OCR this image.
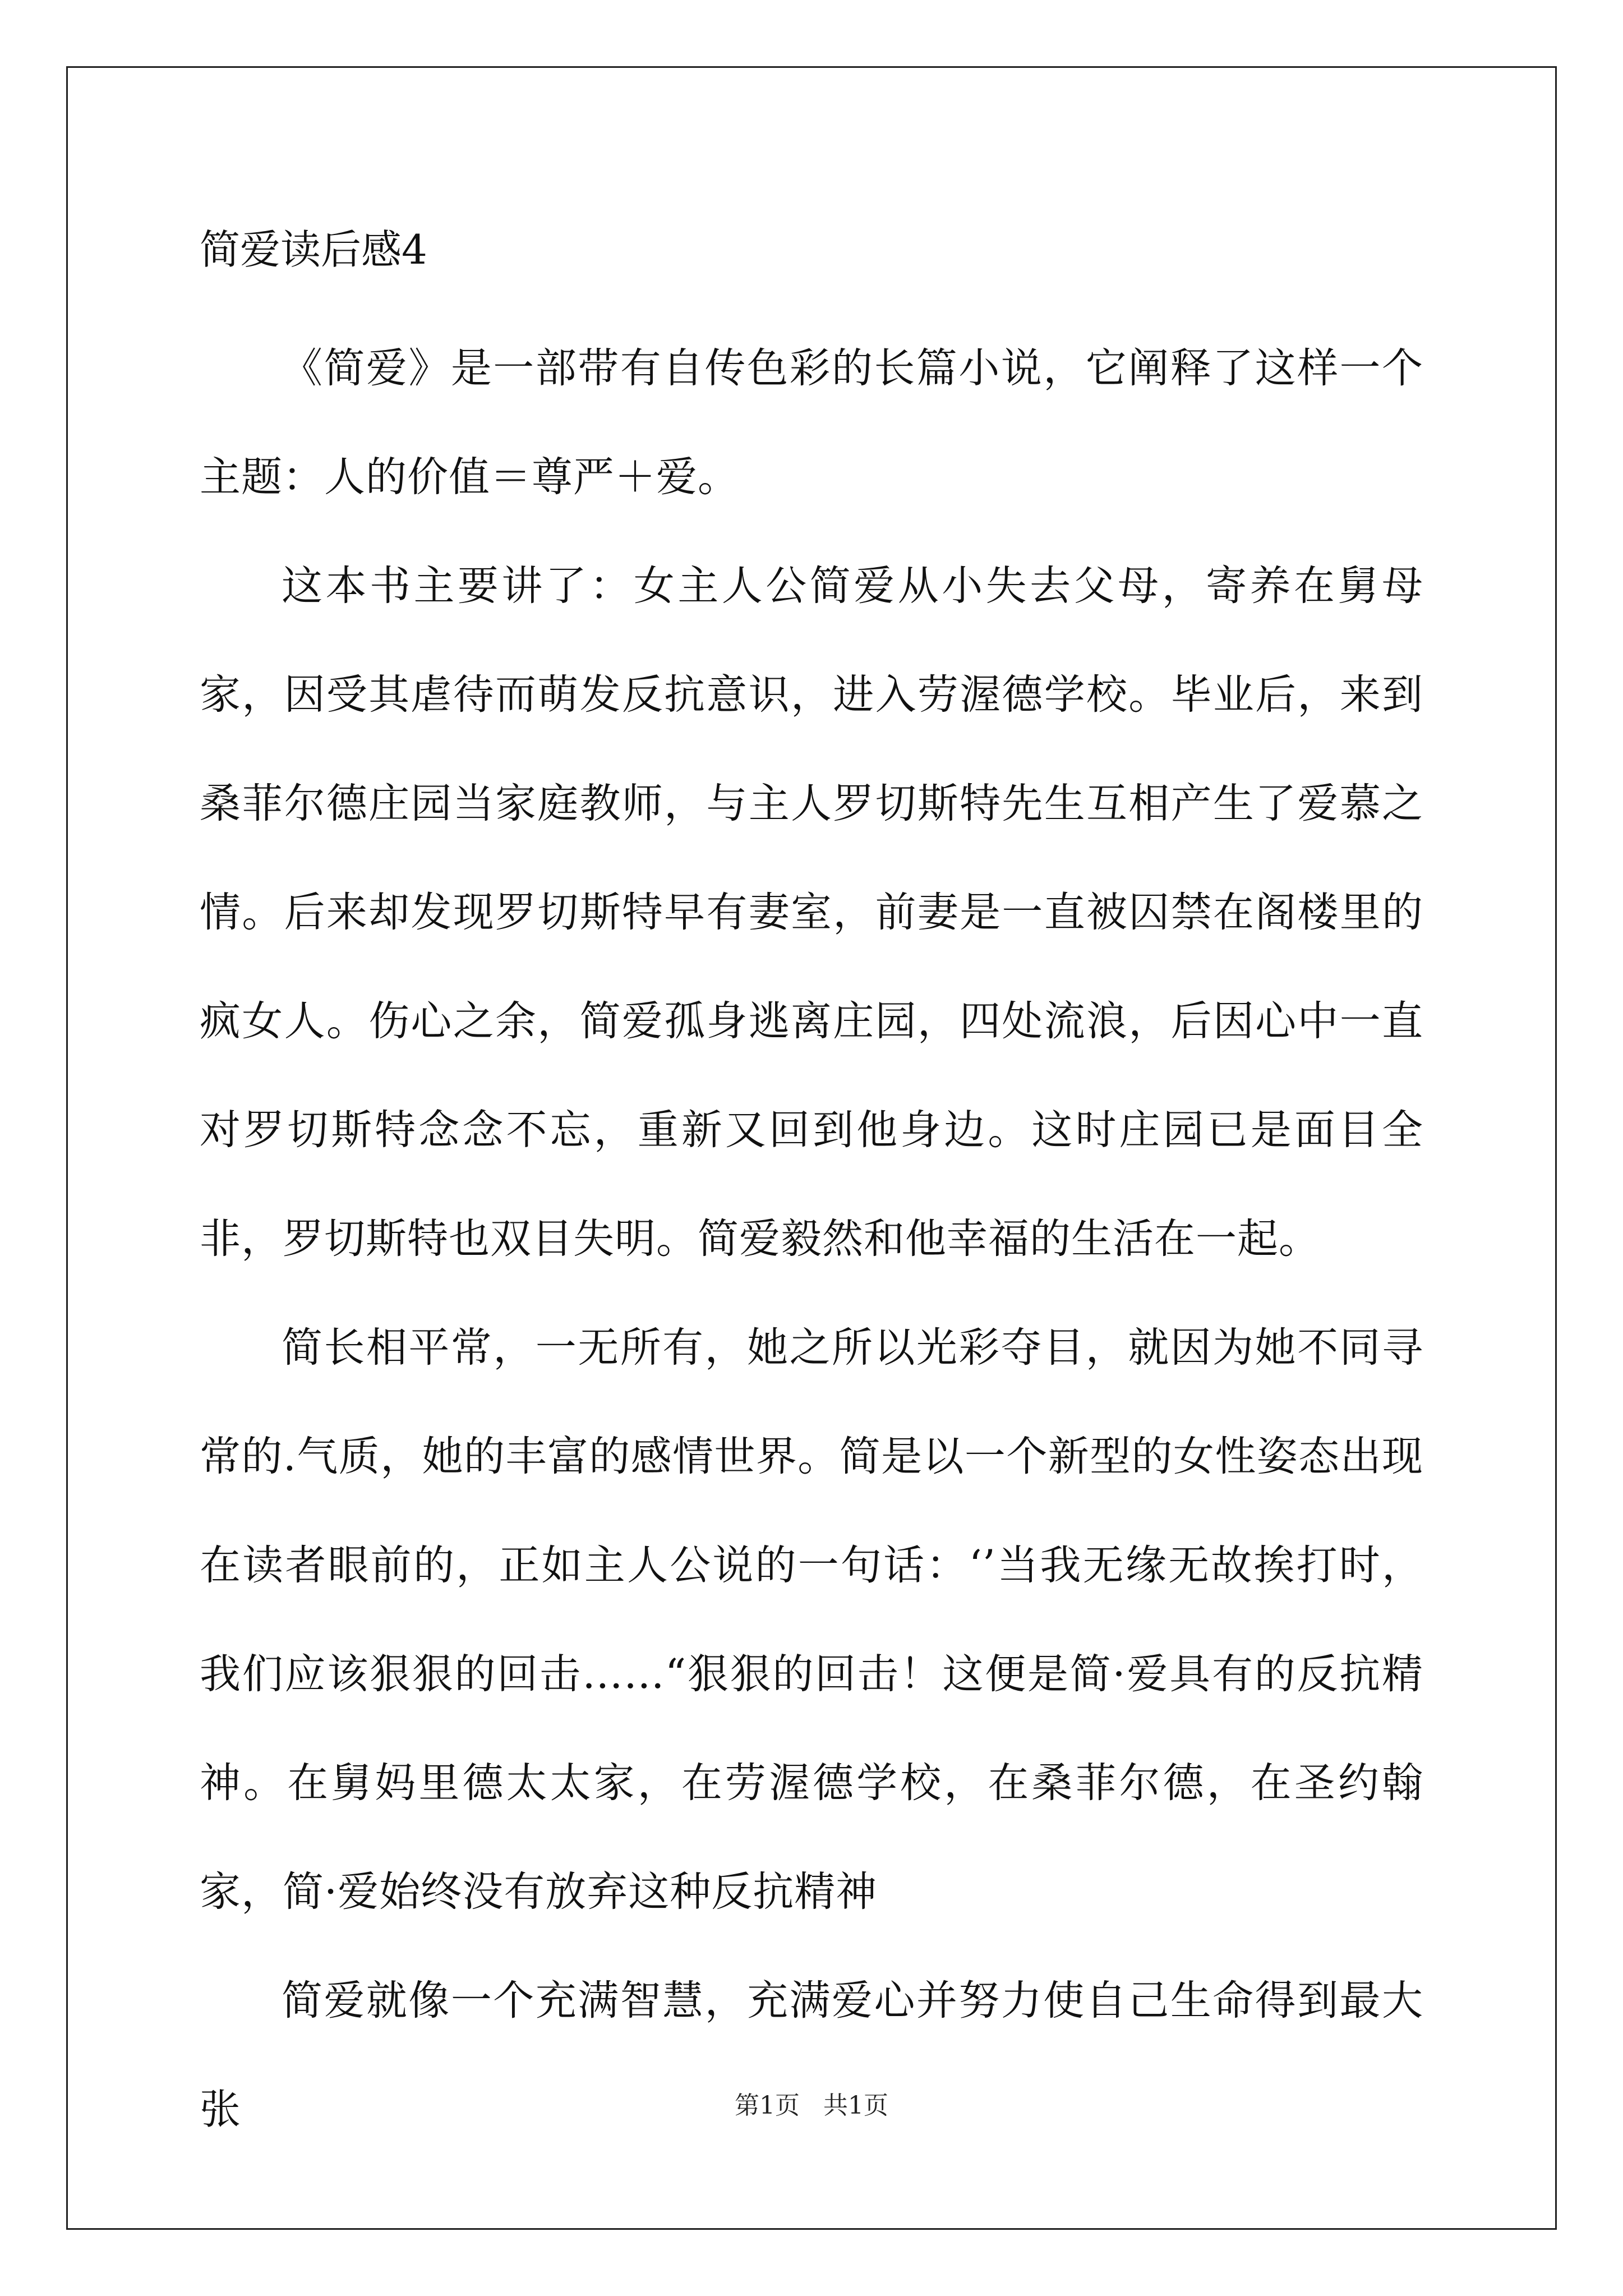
简爱读后感4

《简爱》是一部带有自传色彩的长篇小说，它阐释了这样一个主题：人的价值＝尊严＋爱。

这本书主要讲了：女主人公简爱从小失去父母，寄养在舅母家，因受其虐待而萌发反抗意识，进入劳渥德学校。毕业后，来到桑菲尔德庄园当家庭教师，与主人罗切斯特先生互相产生了爱慕之情。后来却发现罗切斯特早有妻室，前妻是一直被囚禁在阁楼里的疯女人。伤心之余，简爱孤身逃离庄园，四处流浪，后因心中一直对罗切斯特念念不忘，重新又回到他身边。这时庄园已是面目全非，罗切斯特也双目失明。简爱毅然和他幸福的生活在一起。

简长相平常，一无所有，她之所以光彩夺目，就因为她不同寻常的.气质，她的丰富的感情世界。简是以一个新型的女性姿态出现在读者眼前的，正如主人公说的一句话：‘’当我无缘无故挨打时，我们应该狠狠的回击……“狠狠的回击！这便是简·爱具有的反抗精神。在舅妈里德太太家，在劳渥德学校，在桑菲尔德，在圣约翰家，简·爱始终没有放弃这种反抗精神

简爱就像一个充满智慧，充满爱心并努力使自己生命得到最大张	第1页 共1页
